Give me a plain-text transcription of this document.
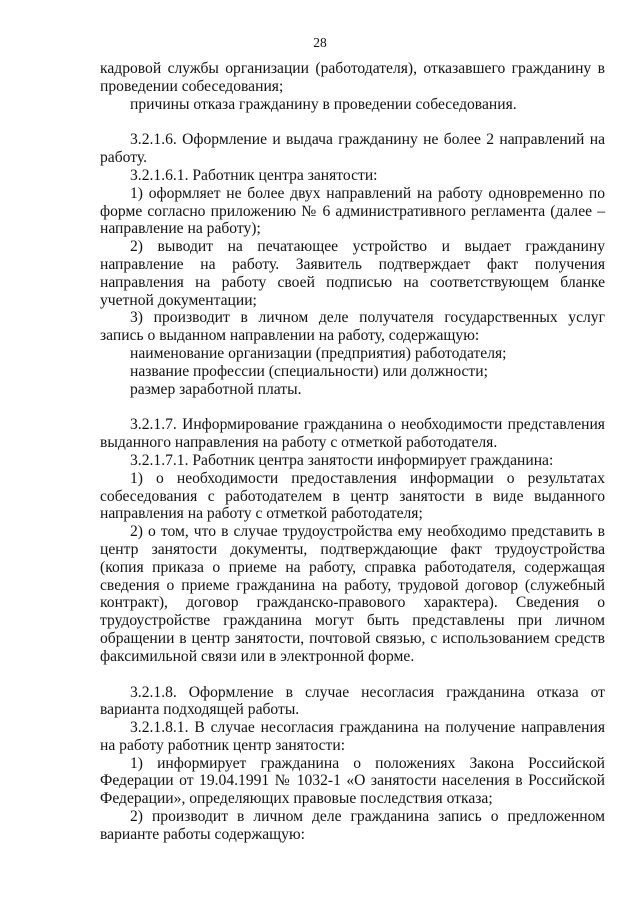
28

кадровой службы организации (работодателя), отказавшего гражданину в проведении собеседования;

причины отказа гражданину в проведении собеседования.

3.2.1.6. Оформление и выдача гражданину не более 2 направлений на работу.

3.2.1.6.1. Работник центра занятости:

1) оформляет не более двух направлений на работу одновременно по форме согласно приложению № 6 административного регламента (далее – направление на работу);

2) выводит на печатающее устройство и выдает гражданину направление на работу. Заявитель подтверждает факт получения направления на работу своей подписью на соответствующем бланке учетной документации;

3) производит в личном деле получателя государственных услуг запись о выданном направлении на работу, содержащую:

наименование организации (предприятия) работодателя;

название профессии (специальности) или должности;

размер заработной платы.

3.2.1.7. Информирование гражданина о необходимости представления выданного направления на работу с отметкой работодателя.

3.2.1.7.1. Работник центра занятости информирует гражданина:

1) о необходимости предоставления информации о результатах собеседования с работодателем в центр занятости в виде выданного направления на работу с отметкой работодателя;

2) о том, что в случае трудоустройства ему необходимо представить в центр занятости документы, подтверждающие факт трудоустройства (копия приказа о приеме на работу, справка работодателя, содержащая сведения о приеме гражданина на работу, трудовой договор (служебный контракт), договор гражданско-правового характера). Сведения о трудоустройстве гражданина могут быть представлены при личном обращении в центр занятости, почтовой связью, с использованием средств факсимильной связи или в электронной форме.

3.2.1.8. Оформление в случае несогласия гражданина отказа от варианта подходящей работы.

3.2.1.8.1. В случае несогласия гражданина на получение направления на работу работник центр занятости:

1) информирует гражданина о положениях Закона Российской Федерации от 19.04.1991 № 1032-1 «О занятости населения в Российской Федерации», определяющих правовые последствия отказа;

2) производит в личном деле гражданина запись о предложенном варианте работы содержащую:
